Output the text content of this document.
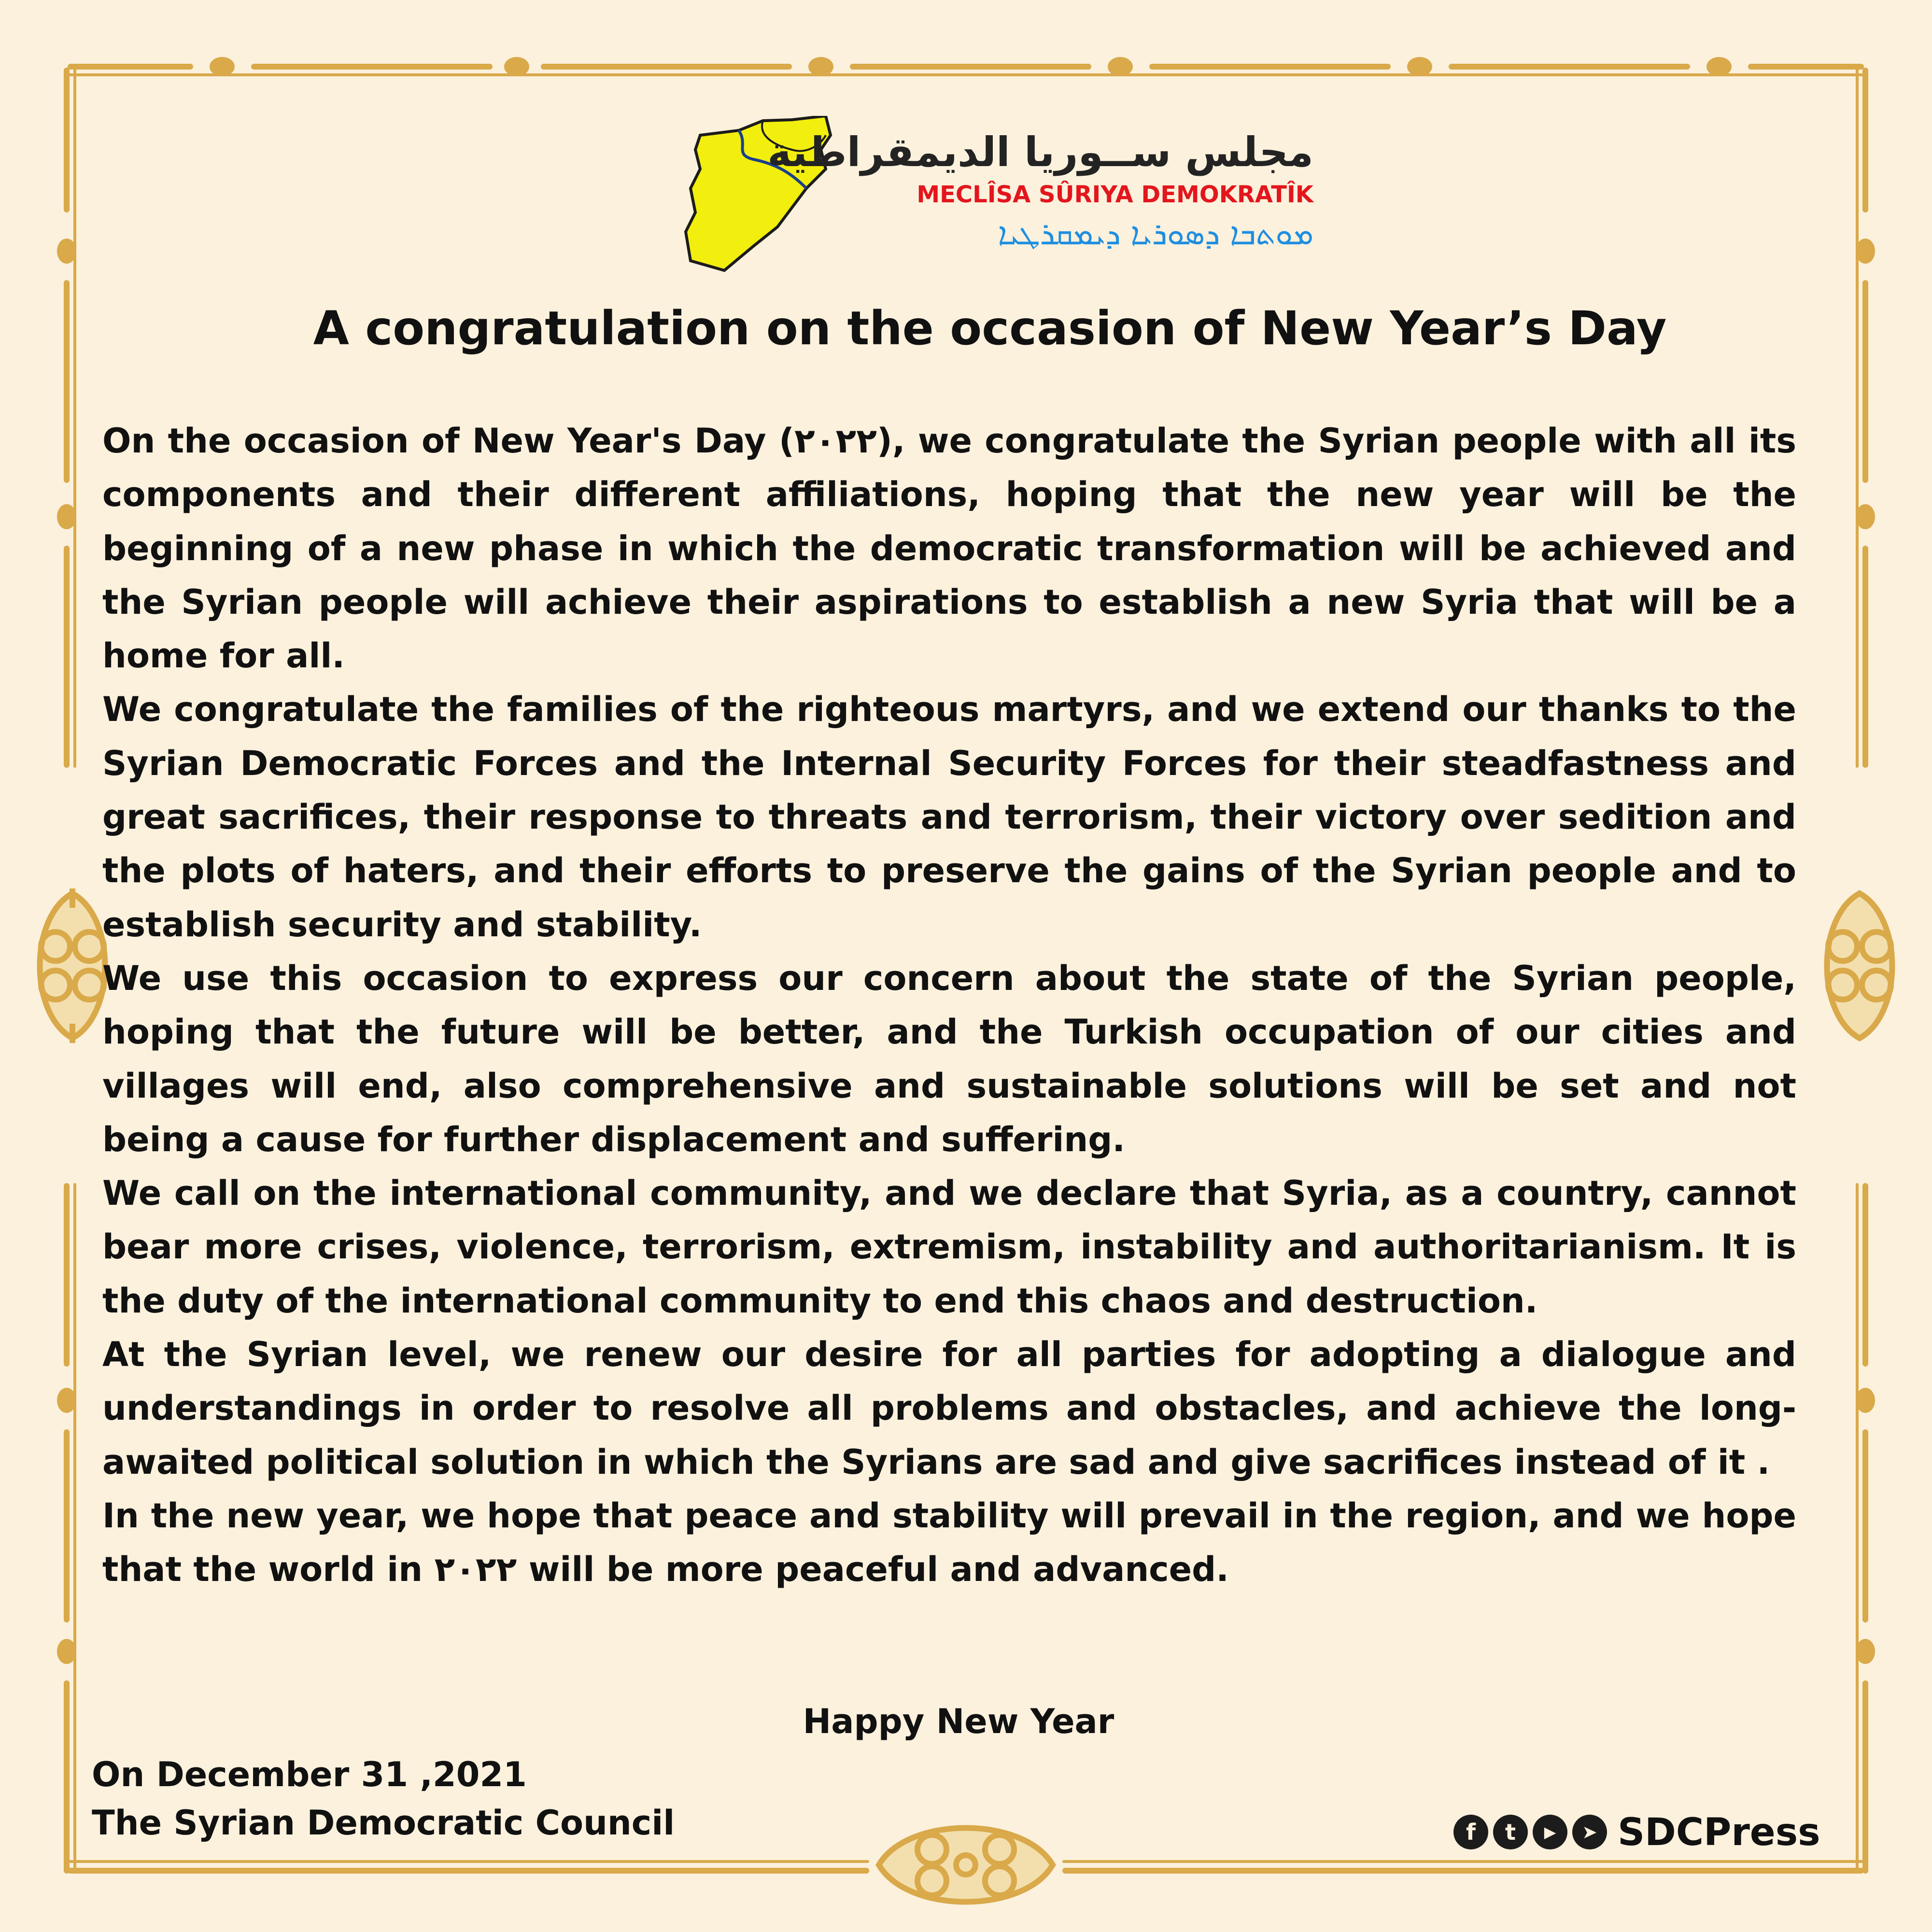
مجلس ســوريا الديمقراطية
MECLÎSA SÛRIYA DEMOKRATÎK
ܡܘܬܒܐ ܕܣܘܪܝܐ ܕܝܡܩܪܛܝܐ
A congratulation on the occasion of New Year’s Day

On the occasion of New Year's Day (٢٠٢٢), we congratulate the Syrian people with all its components and their different affiliations, hoping that the new year will be the beginning of a new phase in which the democratic transformation will be achieved and the Syrian people will achieve their aspirations to establish a new Syria that will be a home for all.

We congratulate the families of the righteous martyrs, and we extend our thanks to the Syrian Democratic Forces and the Internal Security Forces for their steadfastness and great sacrifices, their response to threats and terrorism, their victory over sedition and the plots of haters, and their efforts to preserve the gains of the Syrian people and to establish security and stability.

We use this occasion to express our concern about the state of the Syrian people, hoping that the future will be better, and the Turkish occupation of our cities and villages will end, also comprehensive and sustainable solutions will be set and not being a cause for further displacement and suffering.

We call on the international community, and we declare that Syria, as a country, cannot bear more crises, violence, terrorism, extremism, instability and authoritarianism. It is the duty of the international community to end this chaos and destruction.

At the Syrian level, we renew our desire for all parties for adopting a dialogue and understandings in order to resolve all problems and obstacles, and achieve the long-awaited political solution in which the Syrians are sad and give sacrifices instead of it .

In the new year, we hope that peace and stability will prevail in the region, and we hope that the world in ٢٠٢٢ will be more peaceful and advanced.

Happy New Year
On December 31 ,2021
The Syrian Democratic Council	f	t	▶	➤ SDCPress
